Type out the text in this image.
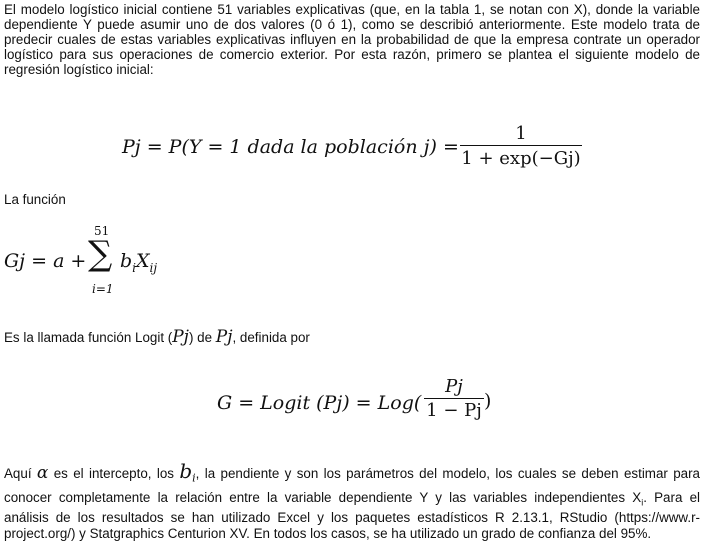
El modelo logístico inicial contiene 51 variables explicativas (que, en la tabla 1, se notan con X), donde la variable
dependiente Y puede asumir uno de dos valores (0 ó 1), como se describió anteriormente. Este modelo trata de
predecir cuales de estas variables explicativas influyen en la probabilidad de que la empresa contrate un operador
logístico para sus operaciones de comercio exterior. Por esta razón, primero se plantea el siguiente modelo de
regresión logístico inicial:
Pj = P(Y = 1 dada la población j) =
1
1 + exp(−Gj)
La función
Gj = a +
51
∑
i=1
$b_iX_{ij}$
Es la llamada función Logit (Pj) de Pj, definida por
G = Logit (Pj) = Log(
Pj
1 − Pj )
Aquí α es el intercepto, los $b_i$, la pendiente y son los parámetros del modelo, los cuales se deben estimar para
conocer completamente la relación entre la variable dependiente Y y las variables independientes $X_i$. Para el
análisis de los resultados se han utilizado Excel y los paquetes estadísticos R 2.13.1, RStudio (https://www.r-
project.org/) y Statgraphics Centurion XV. En todos los casos, se ha utilizado un grado de confianza del 95%.
